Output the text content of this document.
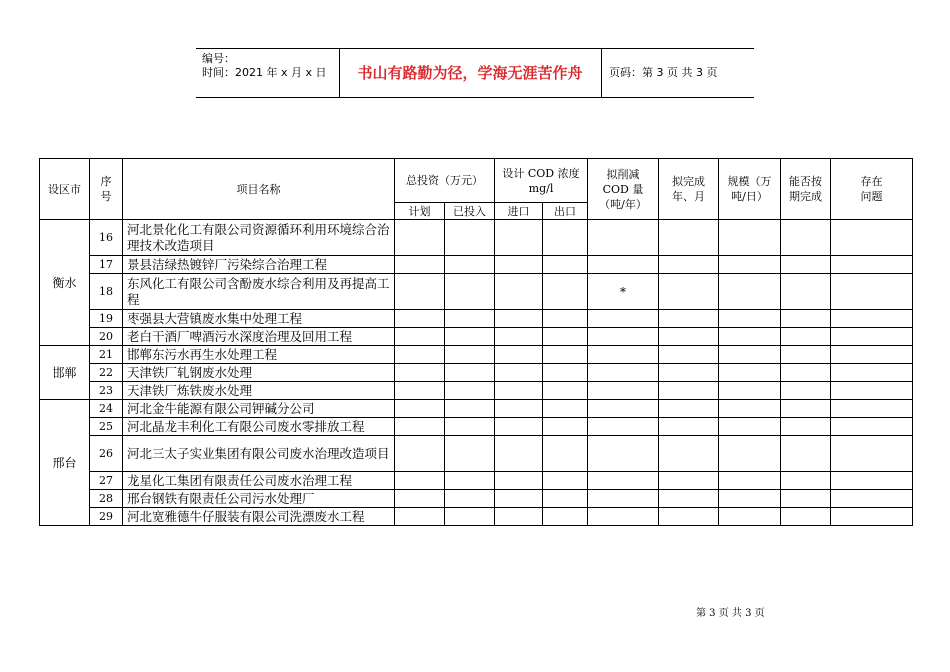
编号：
时间：2021 年 x 月 x 日	书山有路勤为径，学海无涯苦作舟	页码：第 3 页 共 3 页
设区市	序号	项目名称	总投资（万元）		设计 COD 浓度 mg/l		拟削减 COD 量（吨/年）	拟完成年、月	规模（万吨/日）	能否按期完成	存在问题
			计划	已投入	进口	出口					
衡水	16	河北景化化工有限公司资源循环利用环境综合治理技术改造项目									
	17	景县洁绿热镀锌厂污染综合治理工程									
	18	东风化工有限公司含酚废水综合利用及再提高工程					*				
	19	枣强县大营镇废水集中处理工程									
	20	老白干酒厂啤酒污水深度治理及回用工程									
邯郸	21	邯郸东污水再生水处理工程									
	22	天津铁厂轧钢废水处理									
	23	天津铁厂炼铁废水处理									
邢台	24	河北金牛能源有限公司钾碱分公司									
	25	河北晶龙丰利化工有限公司废水零排放工程									
	26	河北三太子实业集团有限公司废水治理改造项目									
	27	龙星化工集团有限责任公司废水治理工程									
	28	邢台钢铁有限责任公司污水处理厂									
	29	河北宽雅德牛仔服装有限公司洗漂废水工程									
第 3 页 共 3 页
